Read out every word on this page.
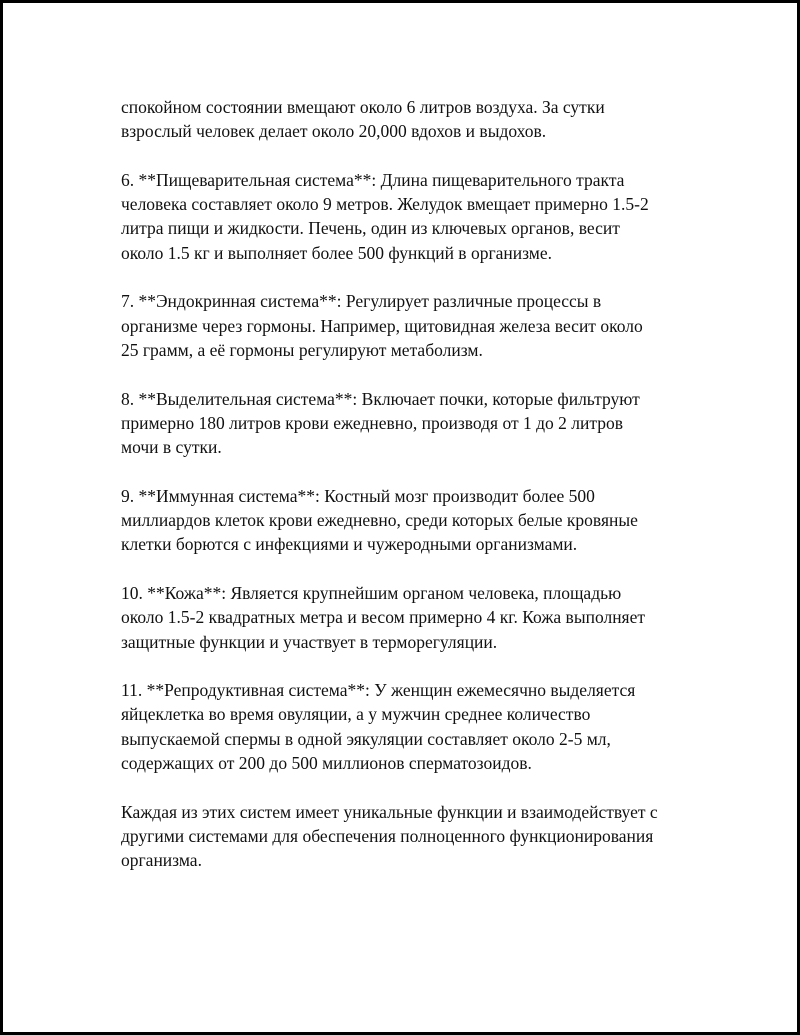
спокойном состоянии вмещают около 6 литров воздуха. За сутки
взрослый человек делает около 20,000 вдохов и выдохов.

6. **Пищеварительная система**: Длина пищеварительного тракта
человека составляет около 9 метров. Желудок вмещает примерно 1.5-2
литра пищи и жидкости. Печень, один из ключевых органов, весит
около 1.5 кг и выполняет более 500 функций в организме.

7. **Эндокринная система**: Регулирует различные процессы в
организме через гормоны. Например, щитовидная железа весит около
25 грамм, а её гормоны регулируют метаболизм.

8. **Выделительная система**: Включает почки, которые фильтруют
примерно 180 литров крови ежедневно, производя от 1 до 2 литров
мочи в сутки.

9. **Иммунная система**: Костный мозг производит более 500
миллиардов клеток крови ежедневно, среди которых белые кровяные
клетки борются с инфекциями и чужеродными организмами.

10. **Кожа**: Является крупнейшим органом человека, площадью
около 1.5-2 квадратных метра и весом примерно 4 кг. Кожа выполняет
защитные функции и участвует в терморегуляции.

11. **Репродуктивная система**: У женщин ежемесячно выделяется
яйцеклетка во время овуляции, а у мужчин среднее количество
выпускаемой спермы в одной эякуляции составляет около 2-5 мл,
содержащих от 200 до 500 миллионов сперматозоидов.

Каждая из этих систем имеет уникальные функции и взаимодействует с
другими системами для обеспечения полноценного функционирования
организма.
